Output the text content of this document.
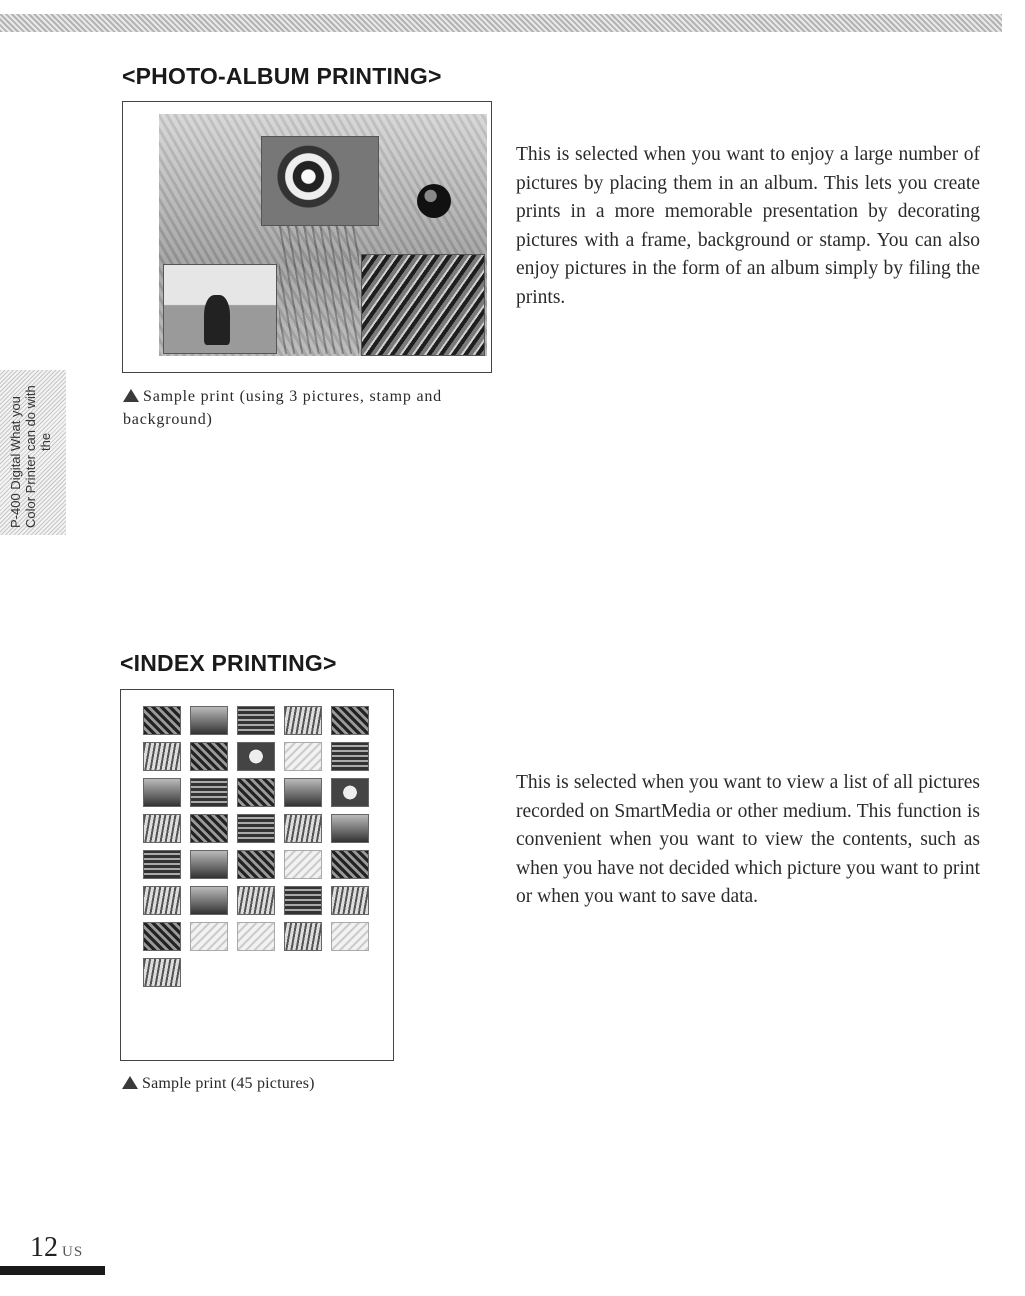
What you can do with the
P-400 Digital Color Printer
<PHOTO-ALBUM PRINTING>
Sample print (using 3 pictures, stamp and background)
This is selected when you want to enjoy a large number of pictures by placing them in an album. This lets you create prints in a more memorable presentation by decorating pictures with a frame, background or stamp. You can also enjoy pictures in the form of an album simply by filing the prints.
<INDEX PRINTING>
Sample print (45 pictures)
This is selected when you want to view a list of all pictures recorded on SmartMedia or other medium. This function is convenient when you want to view the contents, such as when you have not decided which picture you want to print or when you want to save data.
12 US
